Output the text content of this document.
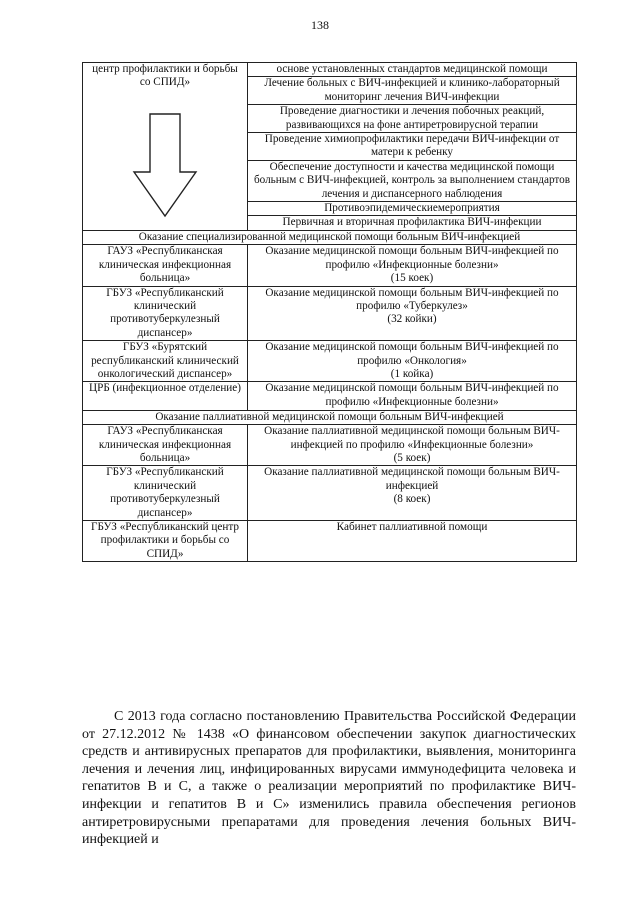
138
центр профилактики и борьбы со СПИД»	основе установленных стандартов медицинской помощи
	Лечение больных с ВИЧ-инфекцией и клинико-лабораторный мониторинг лечения ВИЧ-инфекции
	Проведение диагностики и лечения побочных реакций, развивающихся на фоне антиретровирусной терапии
	Проведение химиопрофилактики передачи ВИЧ-инфекции от матери к ребенку
	Обеспечение доступности и качества медицинской помощи больным с ВИЧ-инфекцией, контроль за выполнением стандартов лечения и диспансерного наблюдения
	Противоэпидемическиемероприятия
	Первичная и вторичная профилактика ВИЧ-инфекции
Оказание специализированной медицинской помощи больным ВИЧ-инфекцией	
ГАУЗ «Республиканская клиническая инфекционная больница»	Оказание медицинской помощи больным ВИЧ-инфекцией по профилю «Инфекционные болезни»
(15 коек)

ГБУЗ «Республиканский клинический противотуберкулезный диспансер»	Оказание медицинской помощи больным ВИЧ-инфекцией по профилю «Туберкулез»
(32 койки)

ГБУЗ «Бурятский республиканский клинический онкологический диспансер»	Оказание медицинской помощи больным ВИЧ-инфекцией по профилю «Онкология»
(1 койка)

ЦРБ (инфекционное отделение)	Оказание медицинской помощи больным ВИЧ-инфекцией по профилю «Инфекционные болезни»

Оказание паллиативной медицинской помощи больным ВИЧ-инфекцией	
ГАУЗ «Республиканская клиническая инфекционная больница»	Оказание паллиативной медицинской помощи больным ВИЧ-инфекцией по профилю «Инфекционные болезни»
(5 коек)

ГБУЗ «Республиканский клинический противотуберкулезный диспансер»	Оказание паллиативной медицинской помощи больным ВИЧ-инфекцией
(8 коек)

ГБУЗ «Республиканский центр профилактики и борьбы со СПИД»	Кабинет паллиативной помощи

С 2013 года согласно постановлению Правительства Российской Федерации от 27.12.2012 № 1438 «О финансовом обеспечении закупок диагностических средств и антивирусных препаратов для профилактики, выявления, мониторинга лечения и лечения лиц, инфицированных вирусами иммунодефицита человека и гепатитов В и С, а также о реализации мероприятий по профилактике ВИЧ-инфекции и гепатитов В и С» изменились правила обеспечения регионов антиретровирусными препаратами для проведения лечения больных ВИЧ-инфекцией и
